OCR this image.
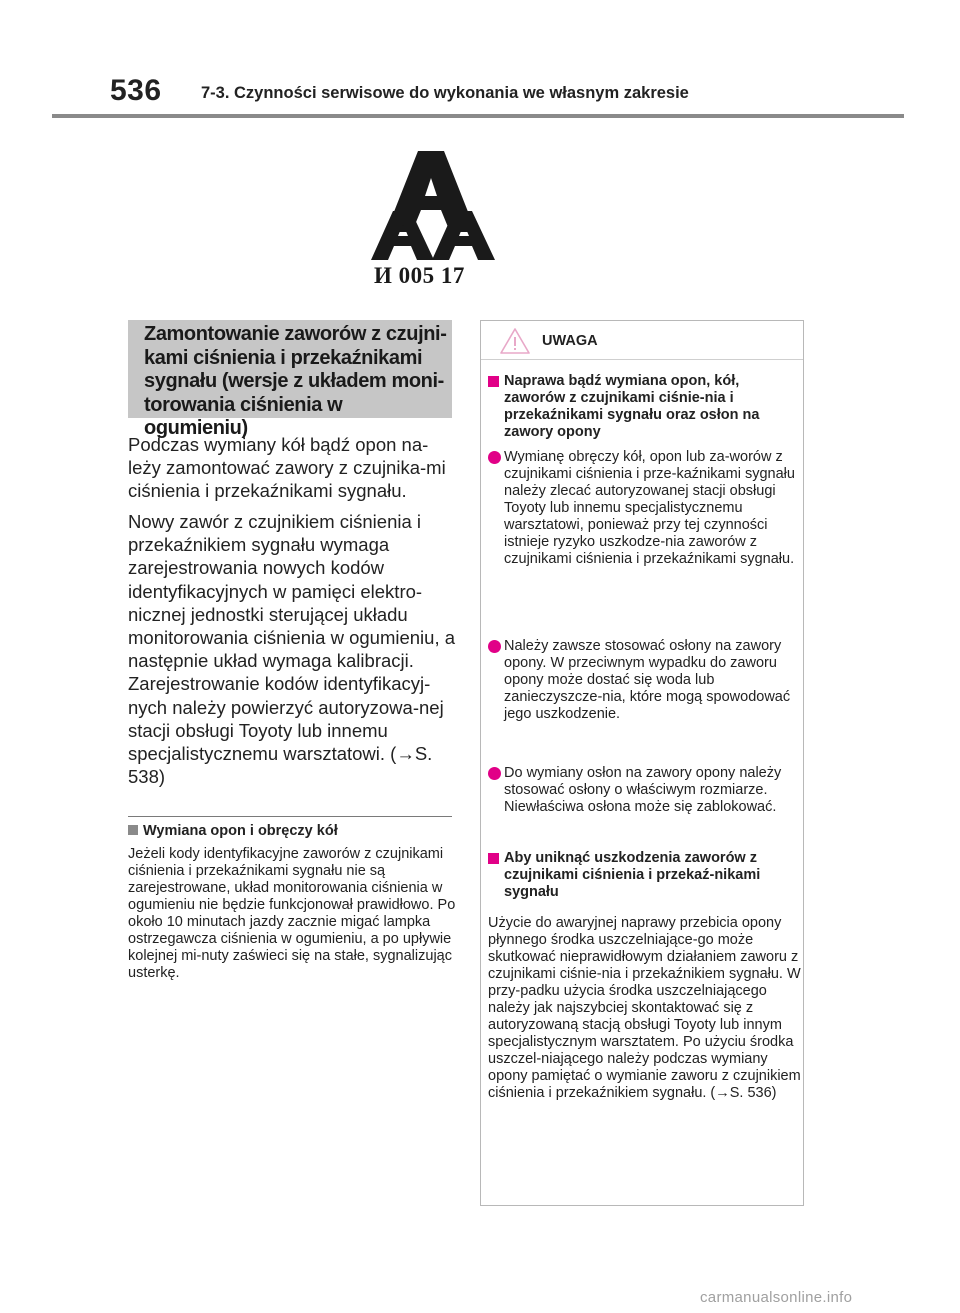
536 7-3. Czynności serwisowe do wykonania we własnym zakresie
И 005 17
Zamontowanie zaworów z czujni-kami ciśnienia i przekaźnikami sygnału (wersje z układem moni-torowania ciśnienia w ogumieniu)
Podczas wymiany kół bądź opon na-leży zamontować zawory z czujnika-mi ciśnienia i przekaźnikami sygnału.
Nowy zawór z czujnikiem ciśnienia i przekaźnikiem sygnału wymaga zarejestrowania nowych kodów identyfikacyjnych w pamięci elektro-nicznej jednostki sterującej układu monitorowania ciśnienia w ogumieniu, a następnie układ wymaga kalibracji. Zarejestrowanie kodów identyfikacyj-nych należy powierzyć autoryzowa-nej stacji obsługi Toyoty lub innemu specjalistycznemu warsztatowi. (→S. 538)
Wymiana opon i obręczy kół
Jeżeli kody identyfikacyjne zaworów z czujnikami ciśnienia i przekaźnikami sygnału nie są zarejestrowane, układ monitorowania ciśnienia w ogumieniu nie będzie funkcjonował prawidłowo. Po około 10 minutach jazdy zacznie migać lampka ostrzegawcza ciśnienia w ogumieniu, a po upływie kolejnej mi-nuty zaświeci się na stałe, sygnalizując usterkę.
UWAGA
Naprawa bądź wymiana opon, kół, zaworów z czujnikami ciśnie-nia i przekaźnikami sygnału oraz osłon na zawory opony
Wymianę obręczy kół, opon lub za-worów z czujnikami ciśnienia i prze-kaźnikami sygnału należy zlecać autoryzowanej stacji obsługi Toyoty lub innemu specjalistycznemu warsztatowi, ponieważ przy tej czynności istnieje ryzyko uszkodze-nia zaworów z czujnikami ciśnienia i przekaźnikami sygnału.
Należy zawsze stosować osłony na zawory opony. W przeciwnym wypadku do zaworu opony może dostać się woda lub zanieczyszcze-nia, które mogą spowodować jego uszkodzenie.
Do wymiany osłon na zawory opony należy stosować osłony o właściwym rozmiarze. Niewłaściwa osłona może się zablokować.
Aby uniknąć uszkodzenia zaworów z czujnikami ciśnienia i przekaź-nikami sygnału
Użycie do awaryjnej naprawy przebicia opony płynnego środka uszczelniające-go może skutkować nieprawidłowym działaniem zaworu z czujnikami ciśnie-nia i przekaźnikiem sygnału. W przy-padku użycia środka uszczelniającego należy jak najszybciej skontaktować się z autoryzowaną stacją obsługi Toyoty lub innym specjalistycznym warsztatem. Po użyciu środka uszczel-niającego należy podczas wymiany opony pamiętać o wymianie zaworu z czujnikiem ciśnienia i przekaźnikiem sygnału. (→S. 536)
carmanualsonline.info
